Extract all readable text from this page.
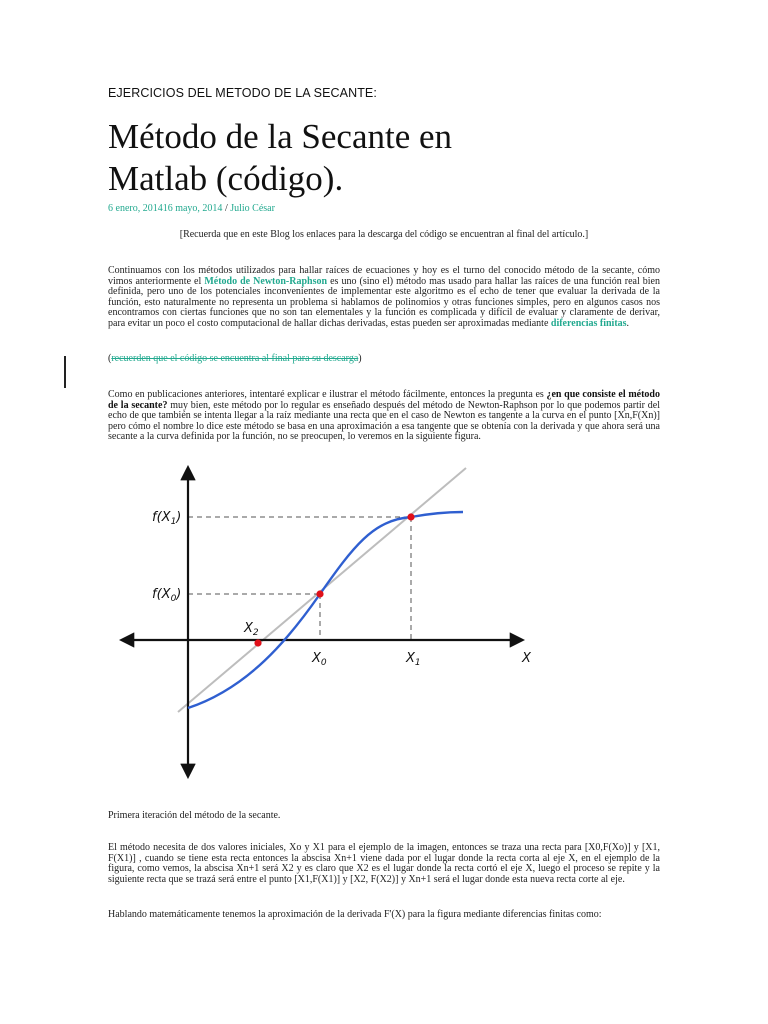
EJERCICIOS DEL METODO DE LA SECANTE:
Método de la Secante en Matlab (código).
6 enero, 201416 mayo, 2014 / Julio César
[Recuerda que en este Blog los enlaces para la descarga del código se encuentran al final del artículo.]
Continuamos con los métodos utilizados para hallar raíces de ecuaciones y hoy es el turno del conocido método de la secante, cómo vimos anteriormente el Método de Newton-Raphson es uno (sino el) método mas usado para hallar las raíces de una función real bien definida, pero uno de los potenciales inconvenientes de implementar este algoritmo es el echo de tener que evaluar la derivada de la función, esto naturalmente no representa un problema si hablamos de polinomios y otras funciones simples, pero en algunos casos nos encontramos con ciertas funciones que no son tan elementales y la función es complicada y difícil de evaluar y claramente de derivar, para evitar un poco el costo computacional de hallar dichas derivadas, estas pueden ser aproximadas mediante diferencias finitas.
(recuerden que el código se encuentra al final para su descarga)
Como en publicaciones anteriores, intentaré explicar e ilustrar el método fácilmente, entonces la pregunta es ¿en que consiste el método de la secante? muy bien, este método por lo regular es enseñado después del método de Newton-Raphson por lo que podemos partir del echo de que también se intenta llegar a la raíz mediante una recta que en el caso de Newton es tangente a la curva en el punto [Xn,F(Xn)] pero cómo el nombre lo dice este método se basa en una aproximación a esa tangente que se obtenía con la derivada y que ahora será una secante a la curva definida por la función, no se preocupen, lo veremos en la siguiente figura.
$f(X_1)$
$f(X_0)$
$X_2$
$X_0$	$X_1$	X
Primera iteración del método de la secante.
El método necesita de dos valores iniciales, Xo y X1 para el ejemplo de la imagen, entonces se traza una recta para [X0,F(Xo)] y [X1, F(X1)] , cuando se tiene esta recta entonces la abscisa Xn+1 viene dada por el lugar donde la recta corta al eje X, en el ejemplo de la figura, como vemos, la abscisa Xn+1 será X2 y es claro que X2 es el lugar donde la recta cortó el eje X, luego el proceso se repite y la siguiente recta que se trazá será entre el punto [X1,F(X1)] y [X2, F(X2)] y Xn+1 será el lugar donde esta nueva recta corte al eje.
Hablando matemáticamente tenemos la aproximación de la derivada F'(X) para la figura mediante diferencias finitas como:
